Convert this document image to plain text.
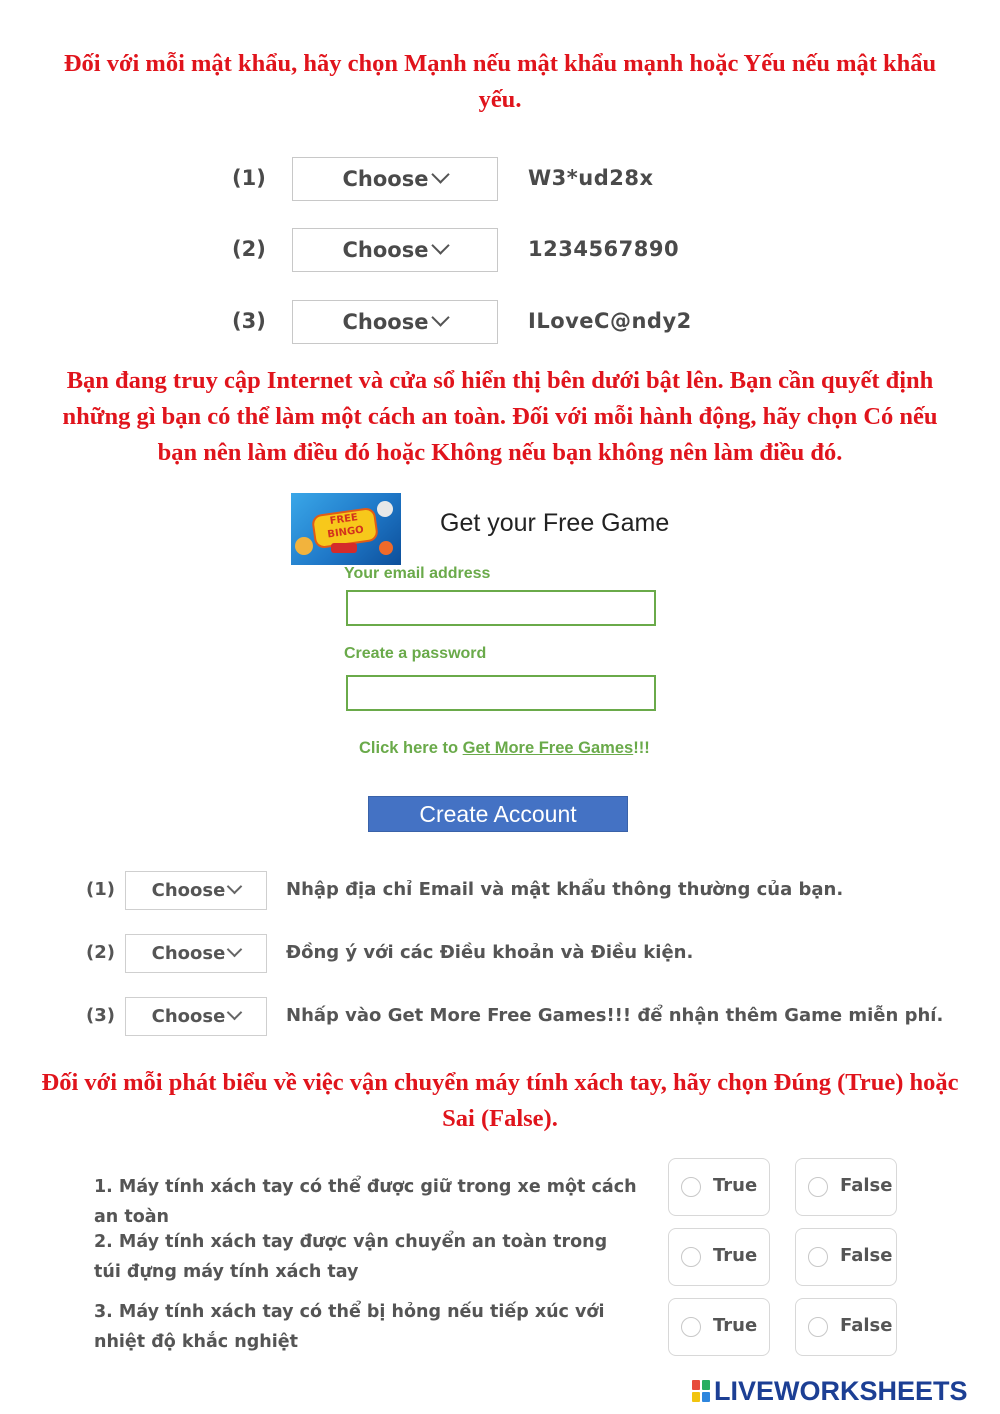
Đối với mỗi mật khẩu, hãy chọn Mạnh nếu mật khẩu mạnh hoặc Yếu nếu mật khẩu yếu.

(1)	Choose	W3*ud28x
(2)	Choose	1234567890
(3)	Choose	ILoveC@ndy2

Bạn đang truy cập Internet và cửa sổ hiển thị bên dưới bật lên. Bạn cần quyết định những gì bạn có thể làm một cách an toàn. Đối với mỗi hành động, hãy chọn Có nếu bạn nên làm điều đó hoặc Không nếu bạn không nên làm điều đó.

FREE BINGO	Get your Free Game
Your email address
Create a password
Click here to Get More Free Games!!!
Create Account
(1)	Choose	Nhập địa chỉ Email và mật khẩu thông thường của bạn.
(2)	Choose	Đồng ý với các Điều khoản và Điều kiện.
(3)	Choose	Nhấp vào Get More Free Games!!! để nhận thêm Game miễn phí.

Đối với mỗi phát biểu về việc vận chuyển máy tính xách tay, hãy chọn Đúng (True) hoặc Sai (False).

1. Máy tính xách tay có thể được giữ trong xe một cách an toàn
True	False
2. Máy tính xách tay được vận chuyển an toàn trong túi đựng máy tính xách tay
True	False
3. Máy tính xách tay có thể bị hỏng nếu tiếp xúc với nhiệt độ khắc nghiệt
True	False
LIVEWORKSHEETS
